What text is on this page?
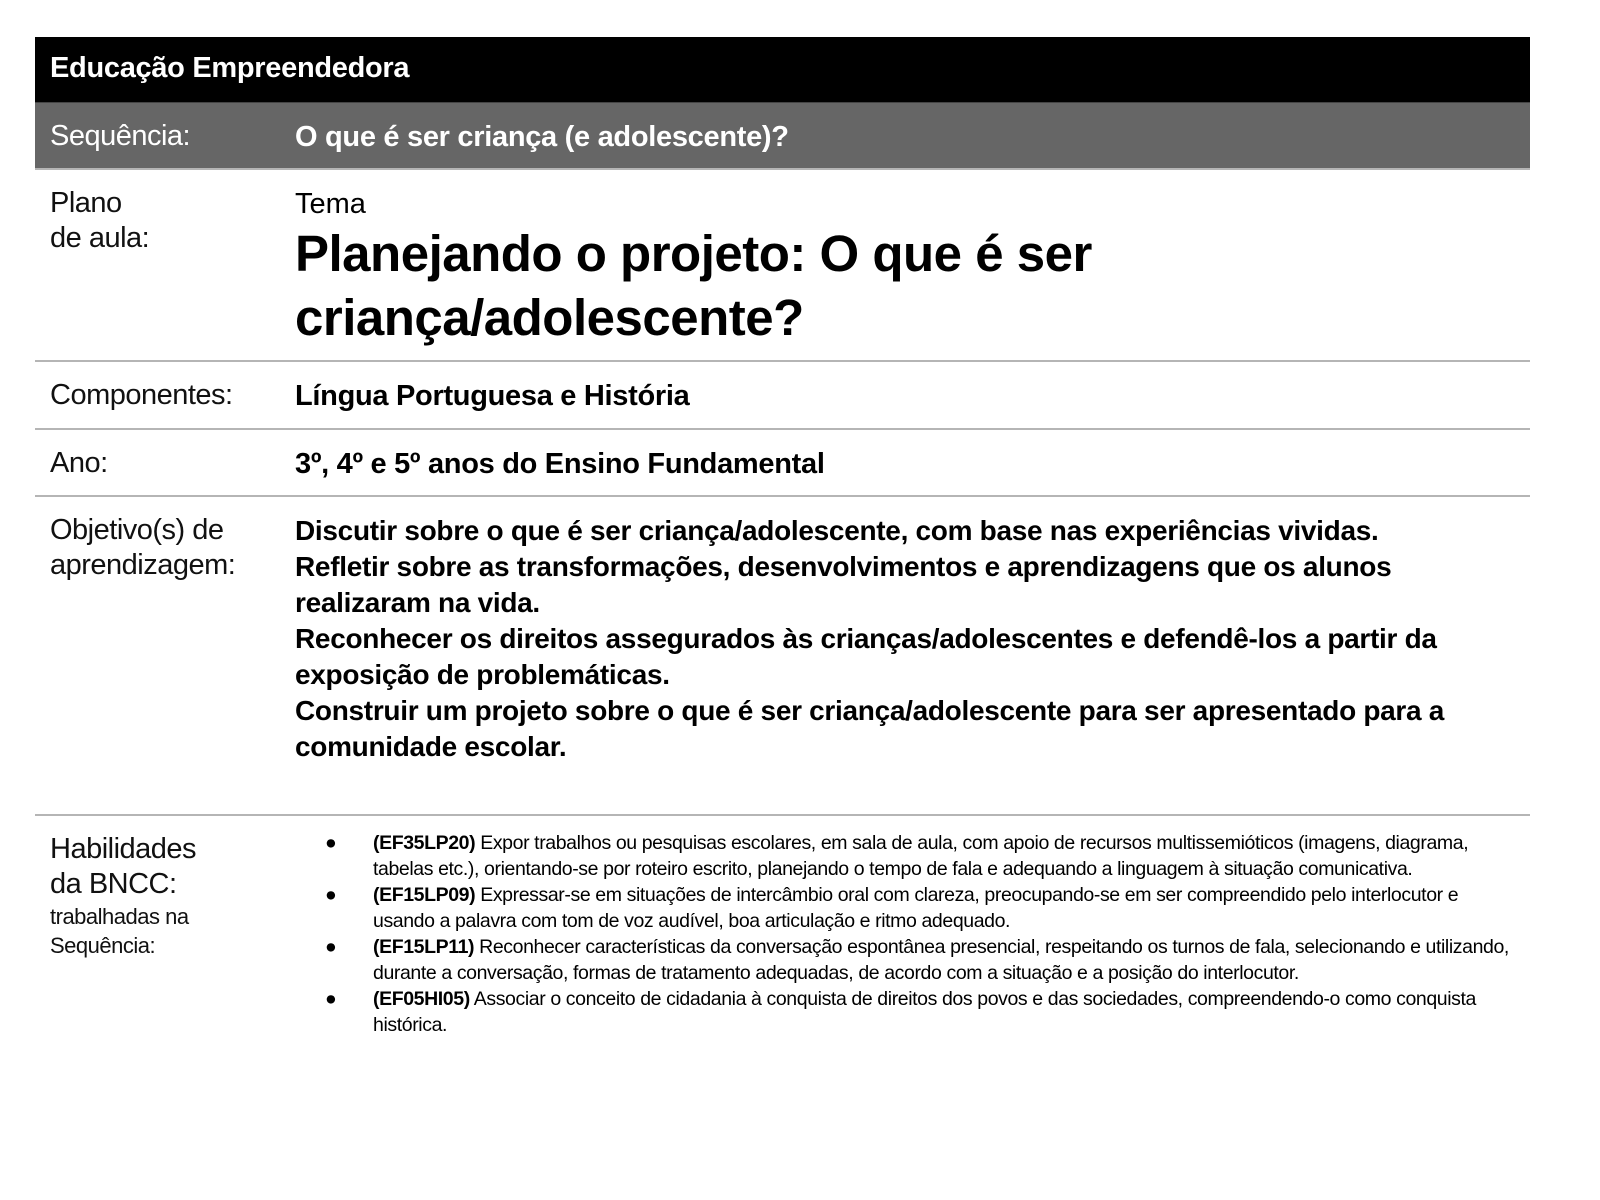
Educação Empreendedora
Sequência:	O que é ser criança (e adolescente)?
Plano
de aula:
Tema
Planejando o projeto: O que é ser criança/adolescente?
Componentes: Língua Portuguesa e História
Ano:	3º, 4º e 5º anos do Ensino Fundamental
Objetivo(s) de
aprendizagem:
Discutir sobre o que é ser criança/adolescente, com base nas experiências vividas.
Refletir sobre as transformações, desenvolvimentos e aprendizagens que os alunos realizaram na vida.
Reconhecer os direitos assegurados às crianças/adolescentes e defendê-los a partir da exposição de problemáticas.
Construir um projeto sobre o que é ser criança/adolescente para ser apresentado para a comunidade escolar.
Habilidades
da BNCC:
trabalhadas na
Sequência:
● (EF35LP20) Expor trabalhos ou pesquisas escolares, em sala de aula, com apoio de recursos multissemióticos (imagens, diagrama, tabelas etc.), orientando-se por roteiro escrito, planejando o tempo de fala e adequando a linguagem à situação comunicativa.
● (EF15LP09) Expressar-se em situações de intercâmbio oral com clareza, preocupando-se em ser compreendido pelo interlocutor e usando a palavra com tom de voz audível, boa articulação e ritmo adequado.
● (EF15LP11) Reconhecer características da conversação espontânea presencial, respeitando os turnos de fala, selecionando e utilizando, durante a conversação, formas de tratamento adequadas, de acordo com a situação e a posição do interlocutor.
● (EF05HI05) Associar o conceito de cidadania à conquista de direitos dos povos e das sociedades, compreendendo-o como conquista histórica.
